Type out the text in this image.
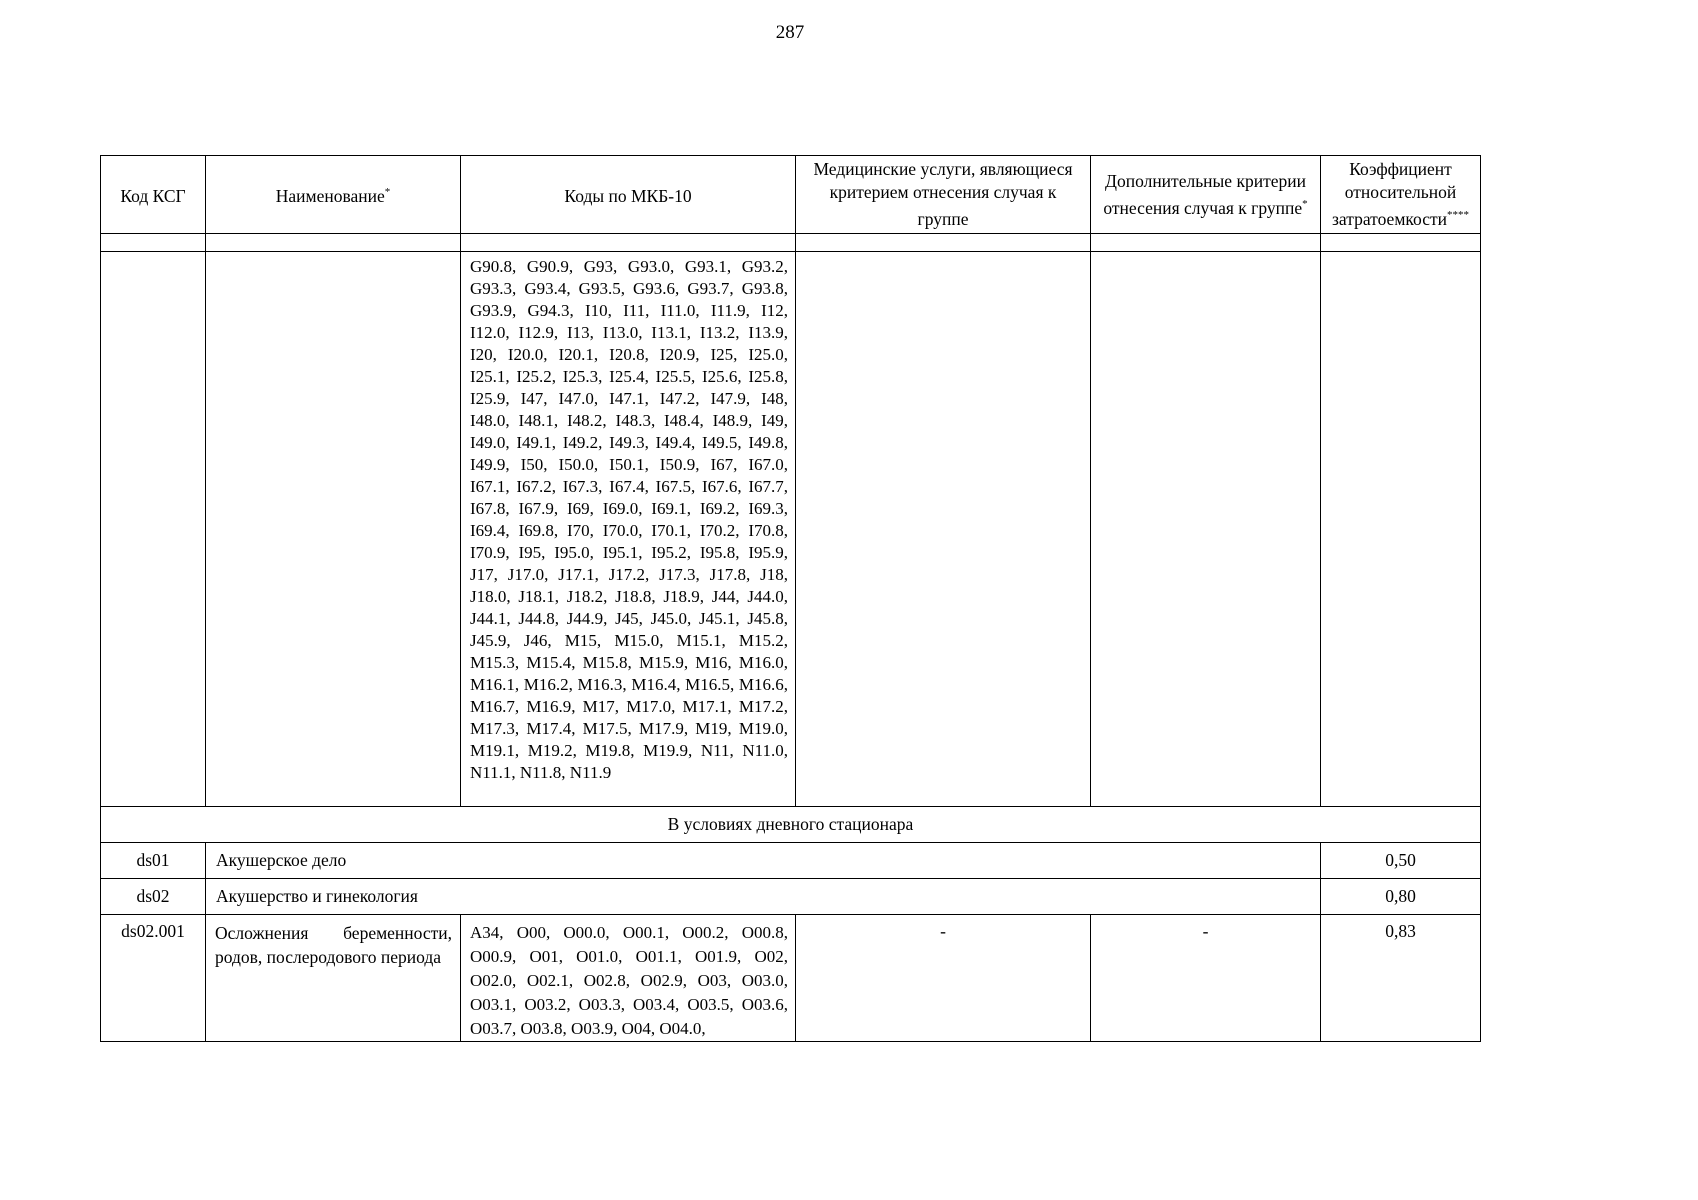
287
Код КСГ	Наименование*	Коды по МКБ-10	Медицинские услуги, являющиеся критерием отнесения случая к группе	Дополнительные критерии отнесения случая к группе*	Коэффициент относительной затратоемкости****

		G90.8, G90.9, G93, G93.0, G93.1, G93.2, G93.3, G93.4, G93.5, G93.6, G93.7, G93.8, G93.9, G94.3, I10, I11, I11.0, I11.9, I12, I12.0, I12.9, I13, I13.0, I13.1, I13.2, I13.9, I20, I20.0, I20.1, I20.8, I20.9, I25, I25.0, I25.1, I25.2, I25.3, I25.4, I25.5, I25.6, I25.8, I25.9, I47, I47.0, I47.1, I47.2, I47.9, I48, I48.0, I48.1, I48.2, I48.3, I48.4, I48.9, I49, I49.0, I49.1, I49.2, I49.3, I49.4, I49.5, I49.8, I49.9, I50, I50.0, I50.1, I50.9, I67, I67.0, I67.1, I67.2, I67.3, I67.4, I67.5, I67.6, I67.7, I67.8, I67.9, I69, I69.0, I69.1, I69.2, I69.3, I69.4, I69.8, I70, I70.0, I70.1, I70.2, I70.8, I70.9, I95, I95.0, I95.1, I95.2, I95.8, I95.9, J17, J17.0, J17.1, J17.2, J17.3, J17.8, J18, J18.0, J18.1, J18.2, J18.8, J18.9, J44, J44.0, J44.1, J44.8, J44.9, J45, J45.0, J45.1, J45.8, J45.9, J46, M15, M15.0, M15.1, M15.2, M15.3, M15.4, M15.8, M15.9, M16, M16.0, M16.1, M16.2, M16.3, M16.4, M16.5, M16.6, M16.7, M16.9, M17, M17.0, M17.1, M17.2, M17.3, M17.4, M17.5, M17.9, M19, M19.0, M19.1, M19.2, M19.8, M19.9, N11, N11.0, N11.1, N11.8, N11.9			

В условиях дневного стационара					
ds01	Акушерское дело				0,50
ds02	Акушерство и гинекология				0,80
ds02.001	Осложнения беременности, родов, послеродового периода	A34, O00, O00.0, O00.1, O00.2, O00.8, O00.9, O01, O01.0, O01.1, O01.9, O02, O02.0, O02.1, O02.8, O02.9, O03, O03.0, O03.1, O03.2, O03.3, O03.4, O03.5, O03.6, O03.7, O03.8, O03.9, O04, O04.0,	-	-	0,83
